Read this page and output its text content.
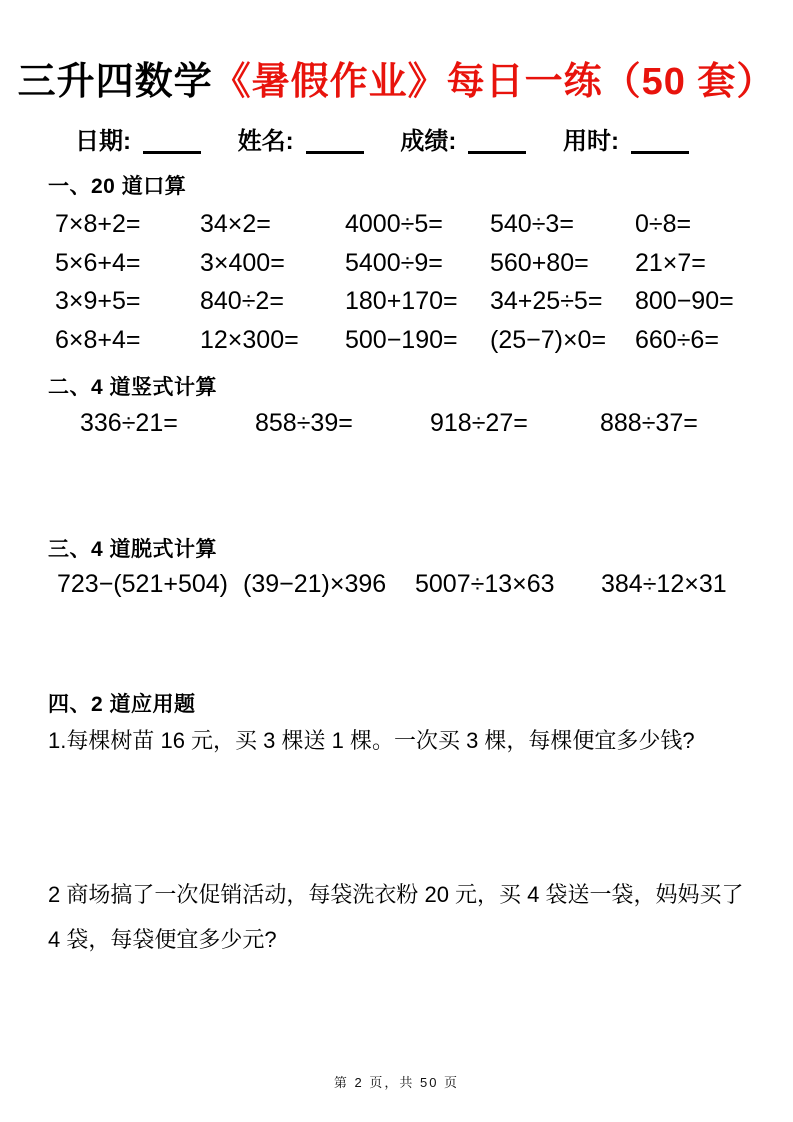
三升四数学《暑假作业》每日一练（50 套）
日期:	姓名:	成绩:	用时:
一、20 道口算
7×8+2=	34×2=	4000÷5=	540÷3=	0÷8=
5×6+4=	3×400=	5400÷9=	560+80=	21×7=
3×9+5=	840÷2=	180+170=	34+25÷5=	800−90=
6×8+4=	12×300=	500−190=	(25−7)×0=	660÷6=
二、4 道竖式计算
336÷21=	858÷39=	918÷27=	888÷37=
三、4 道脱式计算
723−(521+504) (39−21)×396	5007÷13×63	384÷12×31
四、2 道应用题
1.每棵树苗 16 元，买 3 棵送 1 棵。一次买 3 棵，每棵便宜多少钱?
2 商场搞了一次促销活动，每袋洗衣粉 20 元，买 4 袋送一袋，妈妈买了 4 袋，每袋便宜多少元?
第 2 页，共 50 页
